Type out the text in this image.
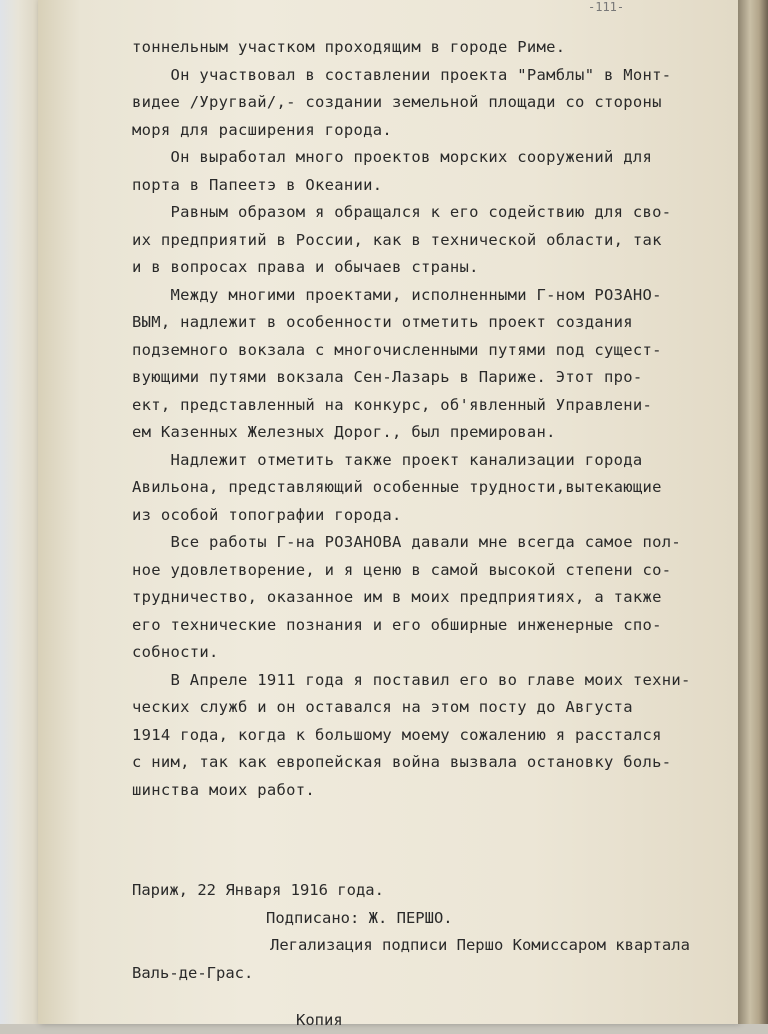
-111-
тоннельным участком проходящим в городе Риме.
Он участвовал в составлении проекта "Рамблы" в Монт-
видее /Уругвай/,- создании земельной площади со стороны
моря для расширения города.
Он выработал много проектов морских сооружений для
порта в Папеетэ в Океании.
Равным образом я обращался к его содействию для сво-
их предприятий в России, как в технической области, так
и в вопросах права и обычаев страны.
Между многими проектами, исполненными Г-ном РОЗАНО-
ВЫМ, надлежит в особенности отметить проект создания
подземного вокзала с многочисленными путями под сущест-
вующими путями вокзала Сен-Лазарь в Париже. Этот про-
ект, представленный на конкурс, об'явленный Управлени-
ем Казенных Железных Дорог., был премирован.
Надлежит отметить также проект канализации города
Авильона, представляющий особенные трудности,вытекающие
из особой топографии города.
Все работы Г-на РОЗАНОВА давали мне всегда самое пол-
ное удовлетворение, и я ценю в самой высокой степени со-
трудничество, оказанное им в моих предприятиях, а также
его технические познания и его обширные инженерные спо-
собности.
В Апреле 1911 года я поставил его во главе моих техни-
ческих служб и он оставался на этом посту до Августа
1914 года, когда к большому моему сожалению я расстался
с ним, так как европейская война вызвала остановку боль-
шинства моих работ.
Париж, 22 Января 1916 года.
Подписано: Ж. ПЕРШО.
Легализация подписи Першо Комиссаром квартала
Валь-де-Грас.
Копия
